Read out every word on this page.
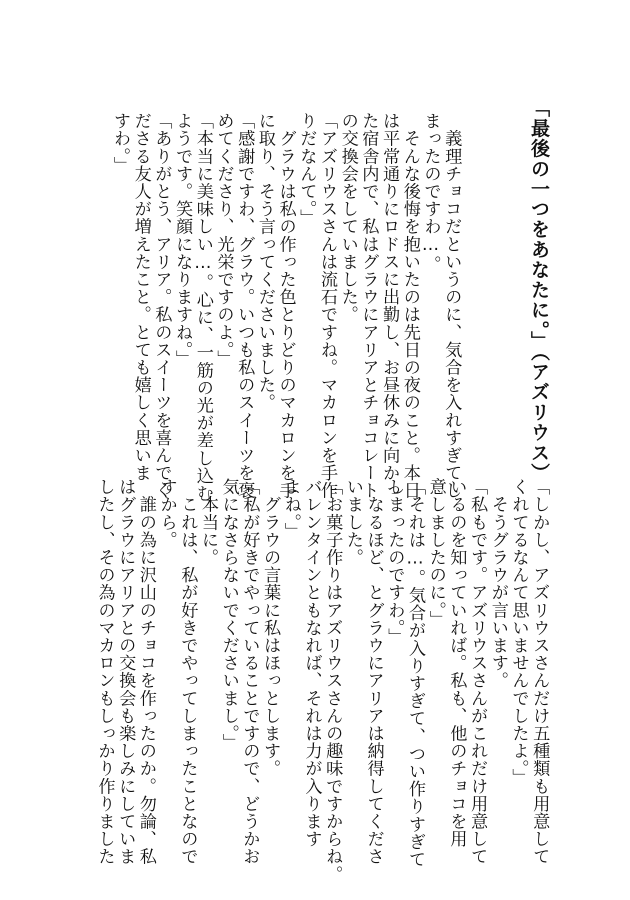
「最後の一つをあなたに。」（アズリウス）
　義理チョコだというのに、気合を入れすぎてし
まったのですわ…。
　そんな後悔を抱いたのは先日の夜のこと。本日
は平常通りにロドスに出勤し、お昼休みに向かっ
た宿舎内で、私はグラウにアリアとチョコレート
の交換会をしていました。
「アズリウスさんは流石ですね。マカロンを手作
りだなんて。」
　グラウは私の作った色とりどりのマカロンを手
に取り、そう言ってくださいました。
「感謝ですわ、グラウ。いつも私のスイーツを褒
めてくださり、光栄ですのよ。」
「本当に美味しい…。心に、一筋の光が差し込む
ようです。笑顔になりますね。」
「ありがとう、アリア。私のスイーツを喜んでく
ださる友人が増えたこと。とても嬉しく思いま
すわ。」
「しかし、アズリウスさんだけ五種類も用意して
くれてるなんて思いませんでしたよ。」
　そうグラウが言います。
「私もです。アズリウスさんがこれだけ用意して
いるのを知っていれば。私も、他のチョコを用
意しましたのに。」
「それは…。気合が入りすぎて、つい作りすぎて
しまったのですわ。」
　なるほど、とグラウにアリアは納得してくださ
いました。
「お菓子作りはアズリウスさんの趣味ですからね。
バレンタインともなれば、それは力が入ります
よね。」
　グラウの言葉に私はほっとします。
「私が好きでやっていることですので、どうかお
気になさらないでくださいまし。」
　本当に。
　これは、私が好きでやってしまったことなので
すから。
　誰の為に沢山のチョコを作ったのか。勿論、私
はグラウにアリアとの交換会も楽しみにしていま
したし、その為のマカロンもしっかり作りました
